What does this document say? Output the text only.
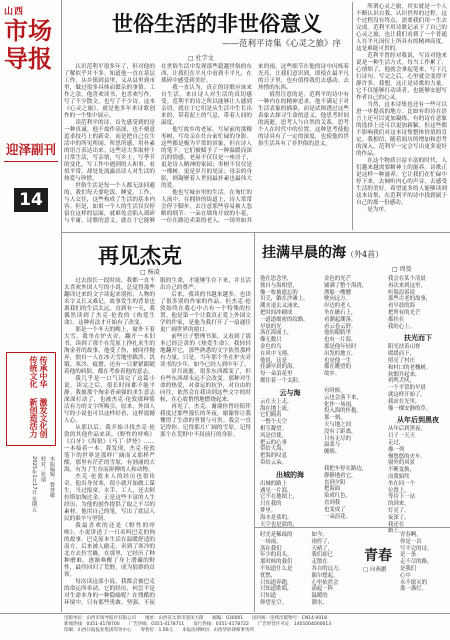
山西
市场导报
迎泽副刊
14
传承中华传统文化
激发文化创新创造活力
本版编辑：曹慧敏
校对：张瑞
2025年1月17日 星期五
世俗生活的非世俗意义
——范利平诗集《心灵之旅》序
□ 杜学文

认识范利平很多年了，但对他的了解似乎并不多。知道他一直在基层工作，从乡镇到县里，又从县里到市里，做过很多具体而繁杂的事情。工作之余，他喜欢读书，也喜欢写作，写了不少散文，也写了不少诗。这本《心灵之旅》，就是他多年来诗歌创作的一个集中展示。

读范利平的诗，首先感受到的是一种真诚。他不故作高深，也不刻意追求技巧上的新奇，而是把自己在生活中的所见所闻、所思所感，用朴素的语言表达出来。这些诗大多取材于日常生活，写亲情，写乡土，写季节的变化，写工作中遇到的人和事。看似平常，却处处流露出诗人对生活的热爱与珍惜。

世俗生活是每一个人都无法回避的。我们每天要吃饭、睡觉、工作、与人交往，这些构成了生活的基本内容。但是，如果一个人的生活仅仅停留在这样的层面，就难免会陷入琐碎与平庸。诗歌的意义，就在于它能够在世俗生活中发现那些超越世俗的东西，让我们在平凡中看到不平凡，在琐碎中感受到美好。

我一直认为，真正的诗歌应该来自生活，来自诗人对生活的真切感受。范利平的诗之所以能够让人感到亲切，就在于它们是从生活中生长出来的，带着泥土的气息，带着人间的温度。

他写故乡的老屋，写屋前的那棵枣树，写母亲在灶台前忙碌的身影。这些都是极为平常的景象，但在诗人的笔下，它们被赋予了一种温暖而深沉的情感。老屋不仅仅是一座房子，更是诗人精神的家园；枣树不仅仅是一棵树，更是岁月的见证；母亲的身影，则凝聚着人世间最朴素也最伟大的爱。

他也写城市里的生活。在匆忙的人流中，在拥挤的街道上，诗人常常会停下脚步，去注意那些容易被人忽略的细节：一朵在墙角开放的小花，一位在路边卖菜的老人，一场突如其来的雨。这些细节在他的诗中闪烁着光亮，让我们意识到，即使在最平凡的日子里，也有值得我们去感动、去珍惜的东西。

值得注意的是，范利平的诗中有一种内在的精神追求。他不满足于对生活表象的描摹，而是试图透过这些表象去探寻生命的意义。他思考时间的流逝，思考人与自然的关系，思考个人在时代中的位置。这种思考使他的诗具有了一定的深度，也使他的世俗生活具有了非世俗的意义。

所谓心灵之旅，其实就是一个人不断认识自我、认识世界的过程。这个过程没有终点，需要我们用一生去完成。范利平用诗歌记录下了自己的心灵之旅，也让我们看到了一个普通人在平凡岗位上所具有的精神高度。这是难能可贵的。

范利平曾经对我说，写诗对他来说是一种生活方式。每当工作累了，心情烦了，他就会拿起笔来，写下几行诗句。写完之后，心里就会变得平静许多。我想，这正是诗歌的力量。它不仅能够打动读者，也能够安慰写作者自己的心灵。

当然，这本诗集也还有一些可以进一步提高的地方。比如有的诗在语言上还可以更加凝练，有的诗在意象的选择上还可以更加新颖。但这些都不影响我们对这本诗集整体价值的肯定。我相信，随着阅历的增加和思考的深入，范利平一定会写出更多更好的作品。

在这个物质日益丰富的时代，人们越来越需要精神上的滋养。诗歌正是这样一种滋养。它让我们在忙碌中停下来，去倾听内心的声音，去感受生活的美好。希望更多的人能够读到这本诗集，在范利平的诗中找到属于自己的那一份感动。

是为序。

再见杰克
□ 杨凌

过去很长一段时间，我都一直不太喜欢外国人写的小说。总觉得那些翻译过来的文字读起来别扭，人物的名字又长又难记，故事发生的背景也离我们的生活太远。直到有一天，我偶然读到了杰克·伦敦的《热爱生命》，这种看法才开始有了改变。

那是一个冬天的晚上，窗外下着大雪。我坐在炉火旁，翻开一本旧书，读到了那个在荒原上挣扎求生的淘金者的故事。他受了伤，被同伴抛弃，独自一人在冰天雪地里跋涉。饥饿、寒冷、疲惫，还有一只紧紧跟随着他的病狼，都在考验着他的意志。

我几乎是一口气读完了这篇小说。读完之后，很长时间都不能平静。我被那个淘金者顽强的求生意志深深打动了，也被杰克·伦敦那种简洁有力的文字所吸引。原来，外国人写的小说也可以这样好看，这样震撼人心。

从那以后，我开始寻找杰克·伦敦的其他作品来读。《野性的呼唤》《白牙》《海狼》《马丁·伊登》……一本接着一本。我发现，杰克·伦敦笔下的世界是那样广阔而又那样严酷，那里有茫茫的雪原，有汹涌的大海，有为了生存而拼搏的人和动物。

杰克·伦敦本人的经历也很传奇。他出身贫寒，很小就开始做工谋生，当过报童、水手、工人，还去阿拉斯加淘过金。正是这些丰富的人生经历，为他的创作提供了取之不尽的素材。他用自己的笔，写出了底层人民的艰辛与坚韧。

我最喜欢的还是《野性的呼唤》。小说讲述了一只名叫巴克的狗的故事。巴克原本生活在温暖舒适的南方，后来被人偷走，卖到了寒冷的北方去拉雪橇。在那里，它经历了种种磨难，逐渐唤醒了身上潜藏的野性，最终回归了荒野，成为狼群的首领。

每次读这部小说，我都会被巴克的命运所牵动。它的经历，何尝不是对生命本身的一种隐喻呢？在残酷的环境中，只有那些勇敢、坚强、不屈服的生命，才能够生存下来，并且活出自己的尊严。

后来，我读的书越来越多，也读了很多别的作家的作品。但杰克·伦敦始终在我心中占有一个特殊的位置。他是第一个让我真正爱上外国文学的作家，是他为我打开了一扇通往更广阔世界的窗口。

前些日子整理书架，又看到了那本已经泛黄的《热爱生命》。我轻轻地翻开它，那些熟悉的文字依然那样有力量。只是，当年那个坐在炉火旁读书的少年，如今已经人到中年了。

岁月流逝，很多东西都变了，但有些东西却永远不会改变。那种对生命的热爱，对命运的抗争，对自由的向往，依然会在我读到这些文字的时候，在心底悄悄地燃烧起来。

再见了，杰克。谢谢你曾经陪伴我度过那些漫长的冬夜，谢谢你让我懂得了生命的坚韧与可贵。我会一直记得你，记得那片广阔的雪原，记得那个在荒野中不屈前行的身影。

挂满早晨的海（外4首）
□ 周嫈
他在思念里，
独自与海相望，
像一枚被遗忘的
贝壳，躺在沙滩上。
潮水退去又涌来，
把时间冲刷成
一道道细密的纹路。
早晨的光
落在海面上，
像无数只
金色的鸟
在风中飞翔。
他说，这是
挂满早晨的海，
每一朵浪花里
都住着一个太阳。
云与海
云在天上走，
海在地上流，
它们隔着
一整个天空
相互凝望。
风是信使，
把云的心事
带给大海，
把海的叹息
带给云朵。
出城的海
出城的路上
遇见一片海，
它不在地图上，
只在我的
梦里。
海水是蓝的，
天空也是蓝的，
金色的光芒
铺满了整个海湾，
渔船一艘艘
驶向远方。
岸边的老人
坐在礁石上，
看潮起潮落，
看云卷云舒。
他的眼睛里
也有一片海，
那是他年轻时
出发的地方，
也是他一生
都在眺望的
故乡。
有时候，
云也会落下来，
化作一场雨，
投入海的怀抱。
那一刻，
天与地之间
没有了距离，
只有无尽的
温柔与
缠绵。
我把车停在路边，
静静地看它，
直到夕阳
把海面
染成红色，
直到我
也变成了
一朵浪花。
我会在某个清晨
再次来到这里，
听海浪诉说
那些古老的故事，
看早晨的海
把所有的光芒
都挂在
我的心上。
扶光而下
阳光扶着山脊
缓缓而下，
照亮了村庄
和村口的老槐树。
炊烟升起来，
鸡鸣犬吠，
一个平常的早晨
就这样开始了。
我站在光里，
像一棵安静的草。
从年后到黑夜
从年后到黑夜，
日子一天天
走过，
像一列
慢悠悠的火车。
窗外的风景
不断变换，
而我始终
坐在同一个
位置上，
等待下一站
的到来。
灯亮了，
夜深了，
我还在
路上。
时光是稀疏的
一场雨，
落在我们
年少的肩头。
那时候的我们
不知道什么是
忧愁，
只知道奔跑，
只知道歌唱，
只知道
仰望星空。
如今，
雨停了，
天晴了，
我们却已
走散在
各自的远方。
偶尔想起，
心里依然会
涌起一阵
温暖的
潮水。
青春
□ 向燕鹏
青春啊，
你是一首
写不完的诗，
是一条
走不尽的路，
是我们
心中
永不熄灭的
那一盏灯。
出版单位：山西市场导报社有限公司　　地址：山西省太原市迎泽大街　　邮编：030001　　国内统一连续出版物号：CN14-0018
新闻热线：0351-4178700　　广告热线：0351-4178711　　发行热线：0351-4178722　　广告经营许可证：1401004000013
印刷：山西日报报业集团印务中心　　零售价：1.00元　　本报法律顾问：山西华炬律师事务所
